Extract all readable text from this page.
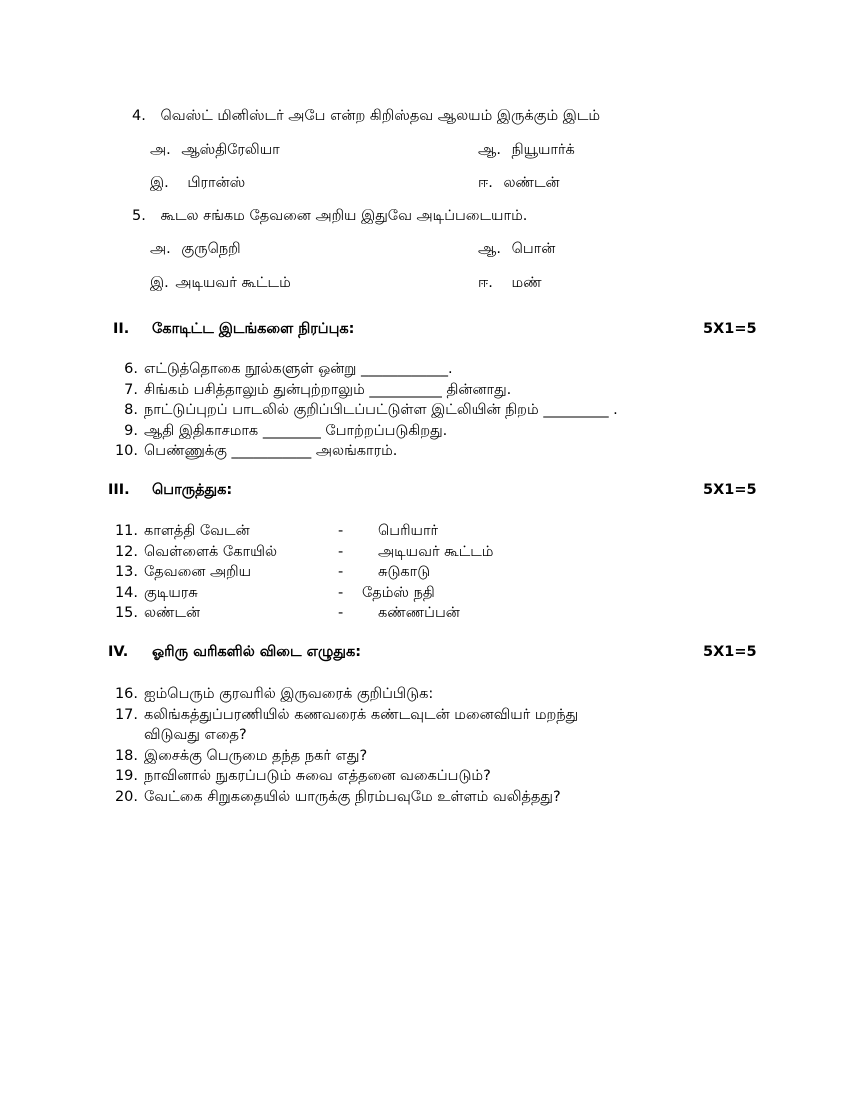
4. வெஸ்ட் மினிஸ்டர் அபே என்ற கிறிஸ்தவ ஆலயம் இருக்கும் இடம்
அ. ஆஸ்திரேலியா	ஆ. நியூயார்க்
இ. பிரான்ஸ்	ஈ. லண்டன்
5. கூடல சங்கம தேவனை அறிய இதுவே அடிப்படையாம்.
அ. குருநெறி	ஆ. பொன்
இ. அடியவர் கூட்டம்	ஈ. மண்
II. கோடிட்ட இடங்களை நிரப்புக:	5X1=5
6. எட்டுத்தொகை நூல்களுள் ஒன்று ____________.
7. சிங்கம் பசித்தாலும் துன்புற்றாலும் __________ தின்னாது.
8. நாட்டுப்புறப் பாடலில் குறிப்பிடப்பட்டுள்ள இட்லியின் நிறம் _________ .
9. ஆதி இதிகாசமாக ________ போற்றப்படுகிறது.
10. பெண்ணுக்கு ___________ அலங்காரம்.
III. பொருத்துக:	5X1=5
11. காளத்தி வேடன்	- பெரியார்
12. வெள்ளைக் கோயில்	- அடியவர் கூட்டம்
13. தேவனை அறிய	- சுடுகாடு
14. குடியரசு	- தேம்ஸ் நதி
15. லண்டன்	- கண்ணப்பன்
IV. ஓரிரு வரிகளில் விடை எழுதுக:	5X1=5
16. ஐம்பெரும் குரவரில் இருவரைக் குறிப்பிடுக:
17. கலிங்கத்துப்பரணியில் கணவரைக் கண்டவுடன் மனைவியர் மறந்து
விடுவது எதை?
18. இசைக்கு பெருமை தந்த நகர் எது?
19. நாவினால் நுகரப்படும் சுவை எத்தனை வகைப்படும்?
20. வேட்கை சிறுகதையில் யாருக்கு நிரம்பவுமே உள்ளம் வலித்தது?
